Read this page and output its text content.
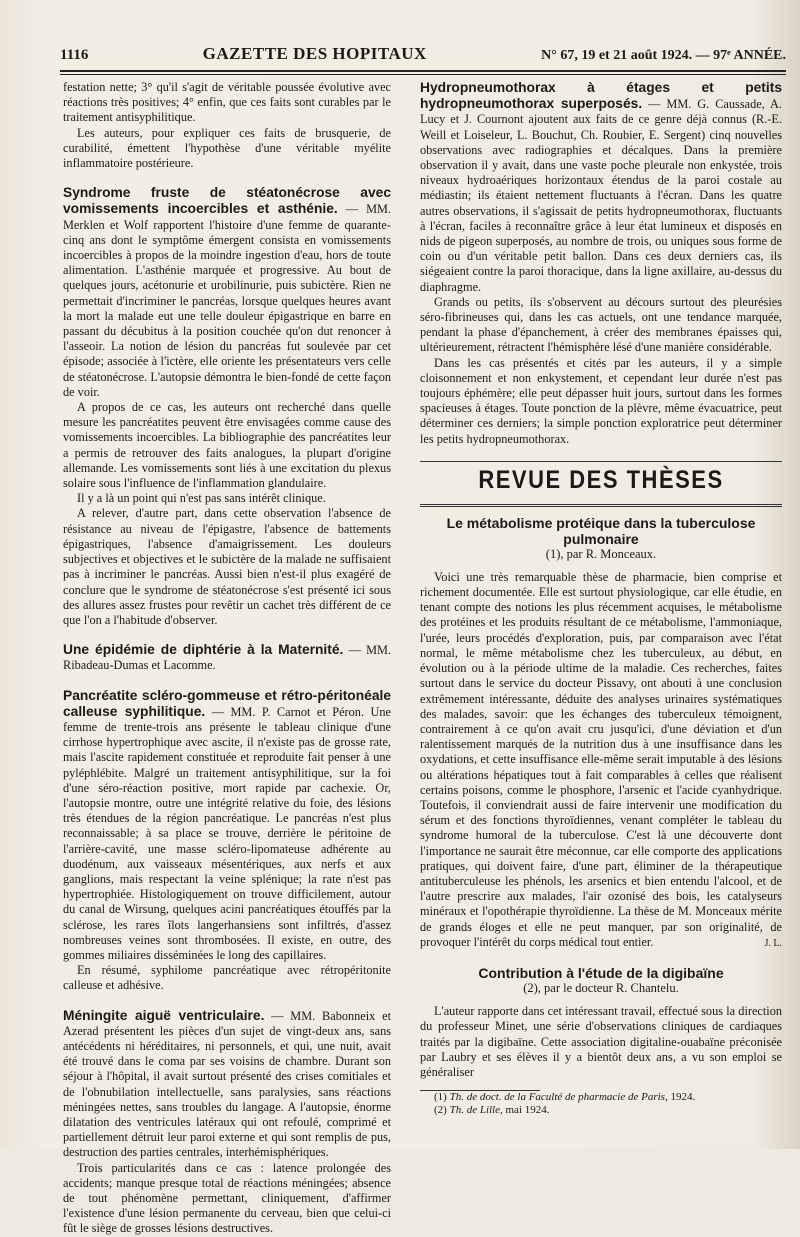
1116	GAZETTE DES HOPITAUX	N° 67, 19 et 21 août 1924. — 97ᵉ ANNÉE.

festation nette; 3° qu'il s'agit de véritable poussée évolutive avec réactions très positives; 4° enfin, que ces faits sont curables par le traitement antisyphilitique.

Les auteurs, pour expliquer ces faits de brusquerie, de curabilité, émettent l'hypothèse d'une véritable myélite inflammatoire postérieure.

Syndrome fruste de stéatonécrose avec vomissements incoercibles et asthénie. — MM. Merklen et Wolf rapportent l'histoire d'une femme de quarante-cinq ans dont le symptôme émergent consista en vomissements incoercibles à propos de la moindre ingestion d'eau, hors de toute alimentation. L'asthénie marquée et progressive. Au bout de quelques jours, acétonurie et urobilinurie, puis subictère. Rien ne permettait d'incriminer le pancréas, lorsque quelques heures avant la mort la malade eut une telle douleur épigastrique en barre en passant du décubitus à la position couchée qu'on dut renoncer à l'asseoir. La notion de lésion du pancréas fut soulevée par cet épisode; associée à l'ictère, elle oriente les présentateurs vers celle de stéatonécrose. L'autopsie démontra le bien-fondé de cette façon de voir.

A propos de ce cas, les auteurs ont recherché dans quelle mesure les pancréatites peuvent être envisagées comme cause des vomissements incoercibles. La bibliographie des pancréatites leur a permis de retrouver des faits analogues, la plupart d'origine allemande. Les vomissements sont liés à une excitation du plexus solaire sous l'influence de l'inflammation glandulaire.

Il y a là un point qui n'est pas sans intérêt clinique.

A relever, d'autre part, dans cette observation l'absence de résistance au niveau de l'épigastre, l'absence de battements épigastriques, l'absence d'amaigrissement. Les douleurs subjectives et objectives et le subictère de la malade ne suffisaient pas à incriminer le pancréas. Aussi bien n'est-il plus exagéré de conclure que le syndrome de stéatonécrose s'est présenté ici sous des allures assez frustes pour revêtir un cachet très différent de ce que l'on a l'habitude d'observer.

Une épidémie de diphtérie à la Maternité. — MM. Ribadeau-Dumas et Lacomme.

Pancréatite scléro-gommeuse et rétro-péritonéale calleuse syphilitique. — MM. P. Carnot et Péron. Une femme de trente-trois ans présente le tableau clinique d'une cirrhose hypertrophique avec ascite, il n'existe pas de grosse rate, mais l'ascite rapidement constituée et reproduite fait penser à une pyléphlébite. Malgré un traitement antisyphilitique, sur la foi d'une séro-réaction positive, mort rapide par cachexie. Or, l'autopsie montre, outre une intégrité relative du foie, des lésions très étendues de la région pancréatique. Le pancréas n'est plus reconnaissable; à sa place se trouve, derrière le péritoine de l'arrière-cavité, une masse scléro-lipomateuse adhérente au duodénum, aux vaisseaux mésentériques, aux nerfs et aux ganglions, mais respectant la veine splénique; la rate n'est pas hypertrophiée. Histologiquement on trouve difficilement, autour du canal de Wirsung, quelques acini pancréatiques étouffés par la sclérose, les rares îlots langerhansiens sont infiltrés, d'assez nombreuses veines sont thrombosées. Il existe, en outre, des gommes miliaires disséminées le long des capillaires.

En résumé, syphilome pancréatique avec rétropéritonite calleuse et adhésive.

Méningite aiguë ventriculaire. — MM. Babonneix et Azerad présentent les pièces d'un sujet de vingt-deux ans, sans antécédents ni héréditaires, ni personnels, et qui, une nuit, avait été trouvé dans le coma par ses voisins de chambre. Durant son séjour à l'hôpital, il avait surtout présenté des crises comitiales et de l'obnubilation intellectuelle, sans paralysies, sans réactions méningées nettes, sans troubles du langage. A l'autopsie, énorme dilatation des ventricules latéraux qui ont refoulé, comprimé et partiellement détruit leur paroi externe et qui sont remplis de pus, destruction des parties centrales, interhémisphériques.

Trois particularités dans ce cas : latence prolongée des accidents; manque presque total de réactions méningées; absence de tout phénomène permettant, cliniquement, d'affirmer l'existence d'une lésion permanente du cerveau, bien que celui-ci fût le siège de grosses lésions destructives.

Hydropneumothorax à étages et petits hydropneumothorax superposés. — MM. G. Caussade, A. Lucy et J. Cournont ajoutent aux faits de ce genre déjà connus (R.-E. Weill et Loiseleur, L. Bouchut, Ch. Roubier, E. Sergent) cinq nouvelles observations avec radiographies et décalques. Dans la première observation il y avait, dans une vaste poche pleurale non enkystée, trois niveaux hydroaériques horizontaux étendus de la paroi costale au médiastin; ils étaient nettement fluctuants à l'écran. Dans les quatre autres observations, il s'agissait de petits hydropneumothorax, fluctuants à l'écran, faciles à reconnaître grâce à leur état lumineux et disposés en nids de pigeon superposés, au nombre de trois, ou uniques sous forme de coin ou d'un véritable petit ballon. Dans ces deux derniers cas, ils siégeaient contre la paroi thoracique, dans la ligne axillaire, au-dessus du diaphragme.

Grands ou petits, ils s'observent au décours surtout des pleurésies séro-fibrineuses qui, dans les cas actuels, ont une tendance marquée, pendant la phase d'épanchement, à créer des membranes épaisses qui, ultérieurement, rétractent l'hémisphère lésé d'une manière considérable.

Dans les cas présentés et cités par les auteurs, il y a simple cloisonnement et non enkystement, et cependant leur durée n'est pas toujours éphémère; elle peut dépasser huit jours, surtout dans les formes spacieuses à étages. Toute ponction de la plèvre, même évacuatrice, peut déterminer ces derniers; la simple ponction exploratrice peut déterminer les petits hydropneumothorax.

REVUE DES THÈSES
Le métabolisme protéique dans la tuberculose pulmonaire
(1), par R. Monceaux.

Voici une très remarquable thèse de pharmacie, bien comprise et richement documentée. Elle est surtout physiologique, car elle étudie, en tenant compte des notions les plus récemment acquises, le métabolisme des protéines et les produits résultant de ce métabolisme, l'ammoniaque, l'urée, leurs procédés d'exploration, puis, par comparaison avec l'état normal, le même métabolisme chez les tuberculeux, au début, en évolution ou à la période ultime de la maladie. Ces recherches, faites surtout dans le service du docteur Pissavy, ont abouti à une conclusion extrêmement intéressante, déduite des analyses urinaires systématiques des malades, savoir: que les échanges des tuberculeux témoignent, contrairement à ce qu'on avait cru jusqu'ici, d'une déviation et d'un ralentissement marqués de la nutrition dus à une insuffisance dans les oxydations, et cette insuffisance elle-même serait imputable à des lésions ou altérations hépatiques tout à fait comparables à celles que réalisent certains poisons, comme le phosphore, l'arsenic et l'acide cyanhydrique. Toutefois, il conviendrait aussi de faire intervenir une modification du sérum et des fonctions thyroïdiennes, venant compléter le tableau du syndrome humoral de la tuberculose. C'est là une découverte dont l'importance ne saurait être méconnue, car elle comporte des applications pratiques, qui doivent faire, d'une part, éliminer de la thérapeutique antituberculeuse les phénols, les arsenics et bien entendu l'alcool, et de l'autre prescrire aux malades, l'air ozonisé des bois, les catalyseurs minéraux et l'opothérapie thyroïdienne. La thèse de M. Monceaux mérite de grands éloges et elle ne peut manquer, par son originalité, de provoquer l'intérêt du corps médical tout entier.	J. L.
Contribution à l'étude de la digibaïne
(2), par le docteur R. Chantelu.

L'auteur rapporte dans cet intéressant travail, effectué sous la direction du professeur Minet, une série d'observations cliniques de cardiaques traités par la digibaïne. Cette association digitaline-ouabaïne préconisée par Laubry et ses élèves il y a bientôt deux ans, a vu son emploi se généraliser

(1) Th. de doct. de la Faculté de pharmacie de Paris, 1924.

(2) Th. de Lille, mai 1924.
